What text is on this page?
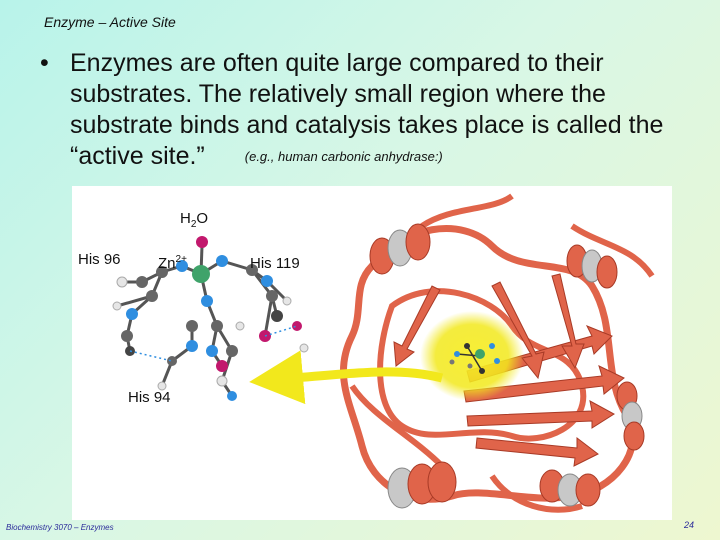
Enzyme – Active Site
• Enzymes are often quite large compared to their substrates. The relatively small region where the substrate binds and catalysis takes place is called the “active site.”	(e.g., human carbonic anhydrase:)
$H_2O$
$Zn^{2+}$
His 96	His 119
His 94
Biochemistry 3070 – Enzymes	24
